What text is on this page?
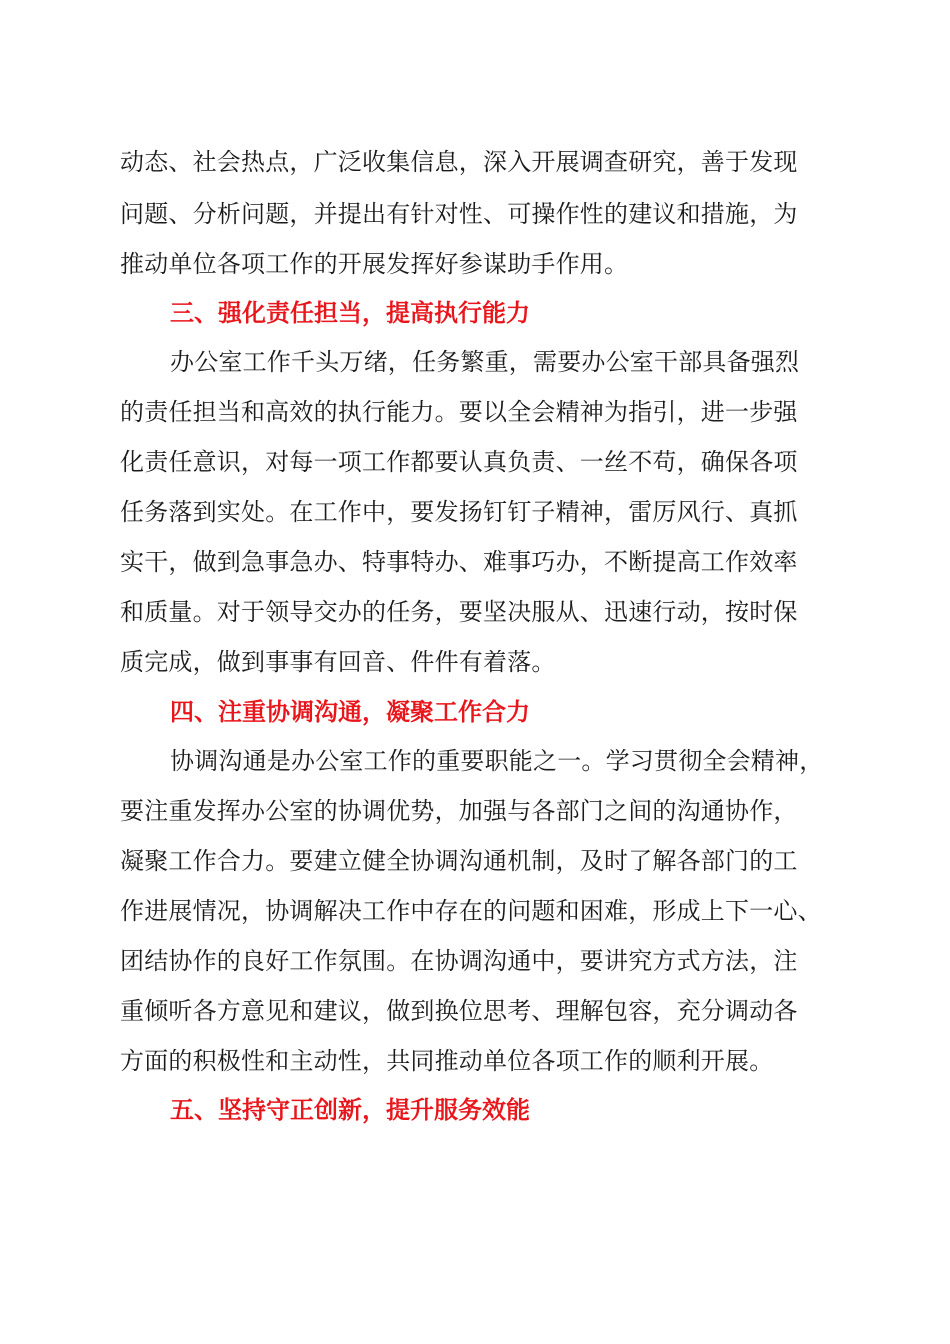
动态、社会热点，广泛收集信息，深入开展调查研究，善于发现

问题、分析问题，并提出有针对性、可操作性的建议和措施，为

推动单位各项工作的开展发挥好参谋助手作用。

三、强化责任担当，提高执行能力

办公室工作千头万绪，任务繁重，需要办公室干部具备强烈

的责任担当和高效的执行能力。要以全会精神为指引，进一步强

化责任意识，对每一项工作都要认真负责、一丝不苟，确保各项

任务落到实处。在工作中，要发扬钉钉子精神，雷厉风行、真抓

实干，做到急事急办、特事特办、难事巧办，不断提高工作效率

和质量。对于领导交办的任务，要坚决服从、迅速行动，按时保

质完成，做到事事有回音、件件有着落。

四、注重协调沟通，凝聚工作合力

协调沟通是办公室工作的重要职能之一。学习贯彻全会精神，

要注重发挥办公室的协调优势，加强与各部门之间的沟通协作，

凝聚工作合力。要建立健全协调沟通机制，及时了解各部门的工

作进展情况，协调解决工作中存在的问题和困难，形成上下一心、

团结协作的良好工作氛围。在协调沟通中，要讲究方式方法，注

重倾听各方意见和建议，做到换位思考、理解包容，充分调动各

方面的积极性和主动性，共同推动单位各项工作的顺利开展。

五、坚持守正创新，提升服务效能
